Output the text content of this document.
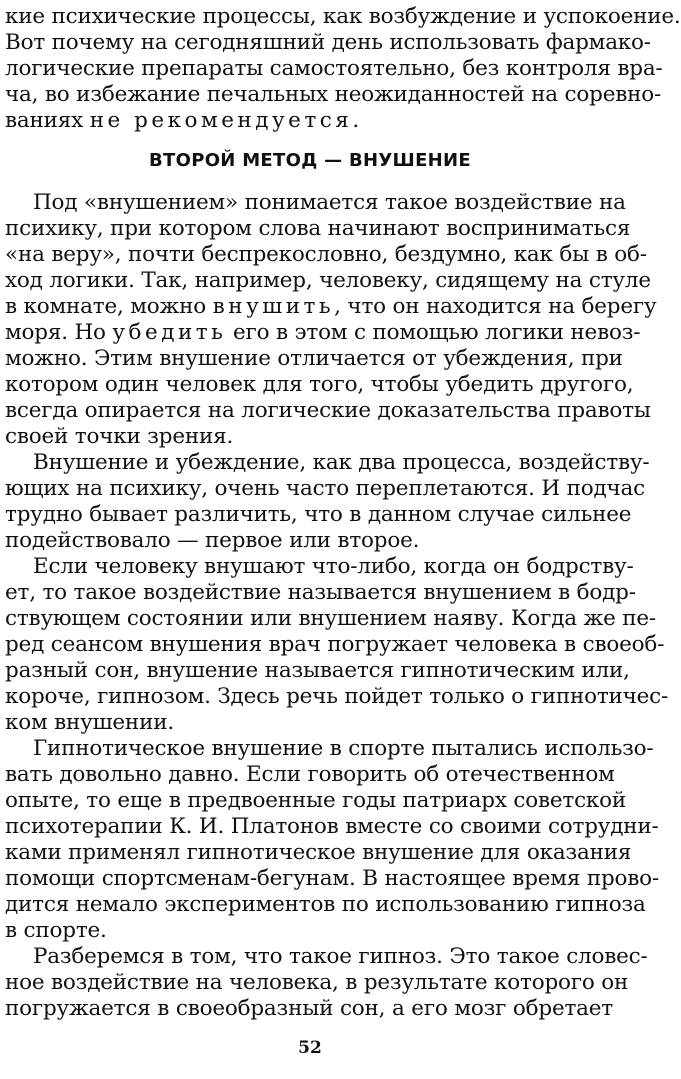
кие психические процессы, как возбуждение и успокоение.
Вот почему на сегодняшний день использовать фармако-
логические препараты самостоятельно, без контроля вра-
ча, во избежание печальных неожиданностей на соревно-
ваниях не рекомендуется.
ВТОРОЙ МЕТОД — ВНУШЕНИЕ
Под «внушением» понимается такое воздействие на
психику, при котором слова начинают восприниматься
«на веру», почти беспрекословно, бездумно, как бы в об-
ход логики. Так, например, человеку, сидящему на стуле
в комнате, можно внушить, что он находится на берегу
моря. Но убедить его в этом с помощью логики невоз-
можно. Этим внушение отличается от убеждения, при
котором один человек для того, чтобы убедить другого,
всегда опирается на логические доказательства правоты
своей точки зрения.
Внушение и убеждение, как два процесса, воздейству-
ющих на психику, очень часто переплетаются. И подчас
трудно бывает различить, что в данном случае сильнее
подействовало — первое или второе.
Если человеку внушают что-либо, когда он бодрству-
ет, то такое воздействие называется внушением в бодр-
ствующем состоянии или внушением наяву. Когда же пе-
ред сеансом внушения врач погружает человека в своеоб-
разный сон, внушение называется гипнотическим или,
короче, гипнозом. Здесь речь пойдет только о гипнотичес-
ком внушении.
Гипнотическое внушение в спорте пытались использо-
вать довольно давно. Если говорить об отечественном
опыте, то еще в предвоенные годы патриарх советской
психотерапии К. И. Платонов вместе со своими сотрудни-
ками применял гипнотическое внушение для оказания
помощи спортсменам-бегунам. В настоящее время прово-
дится немало экспериментов по использованию гипноза
в спорте.
Разберемся в том, что такое гипноз. Это такое словес-
ное воздействие на человека, в результате которого он
погружается в своеобразный сон, а его мозг обретает
52
